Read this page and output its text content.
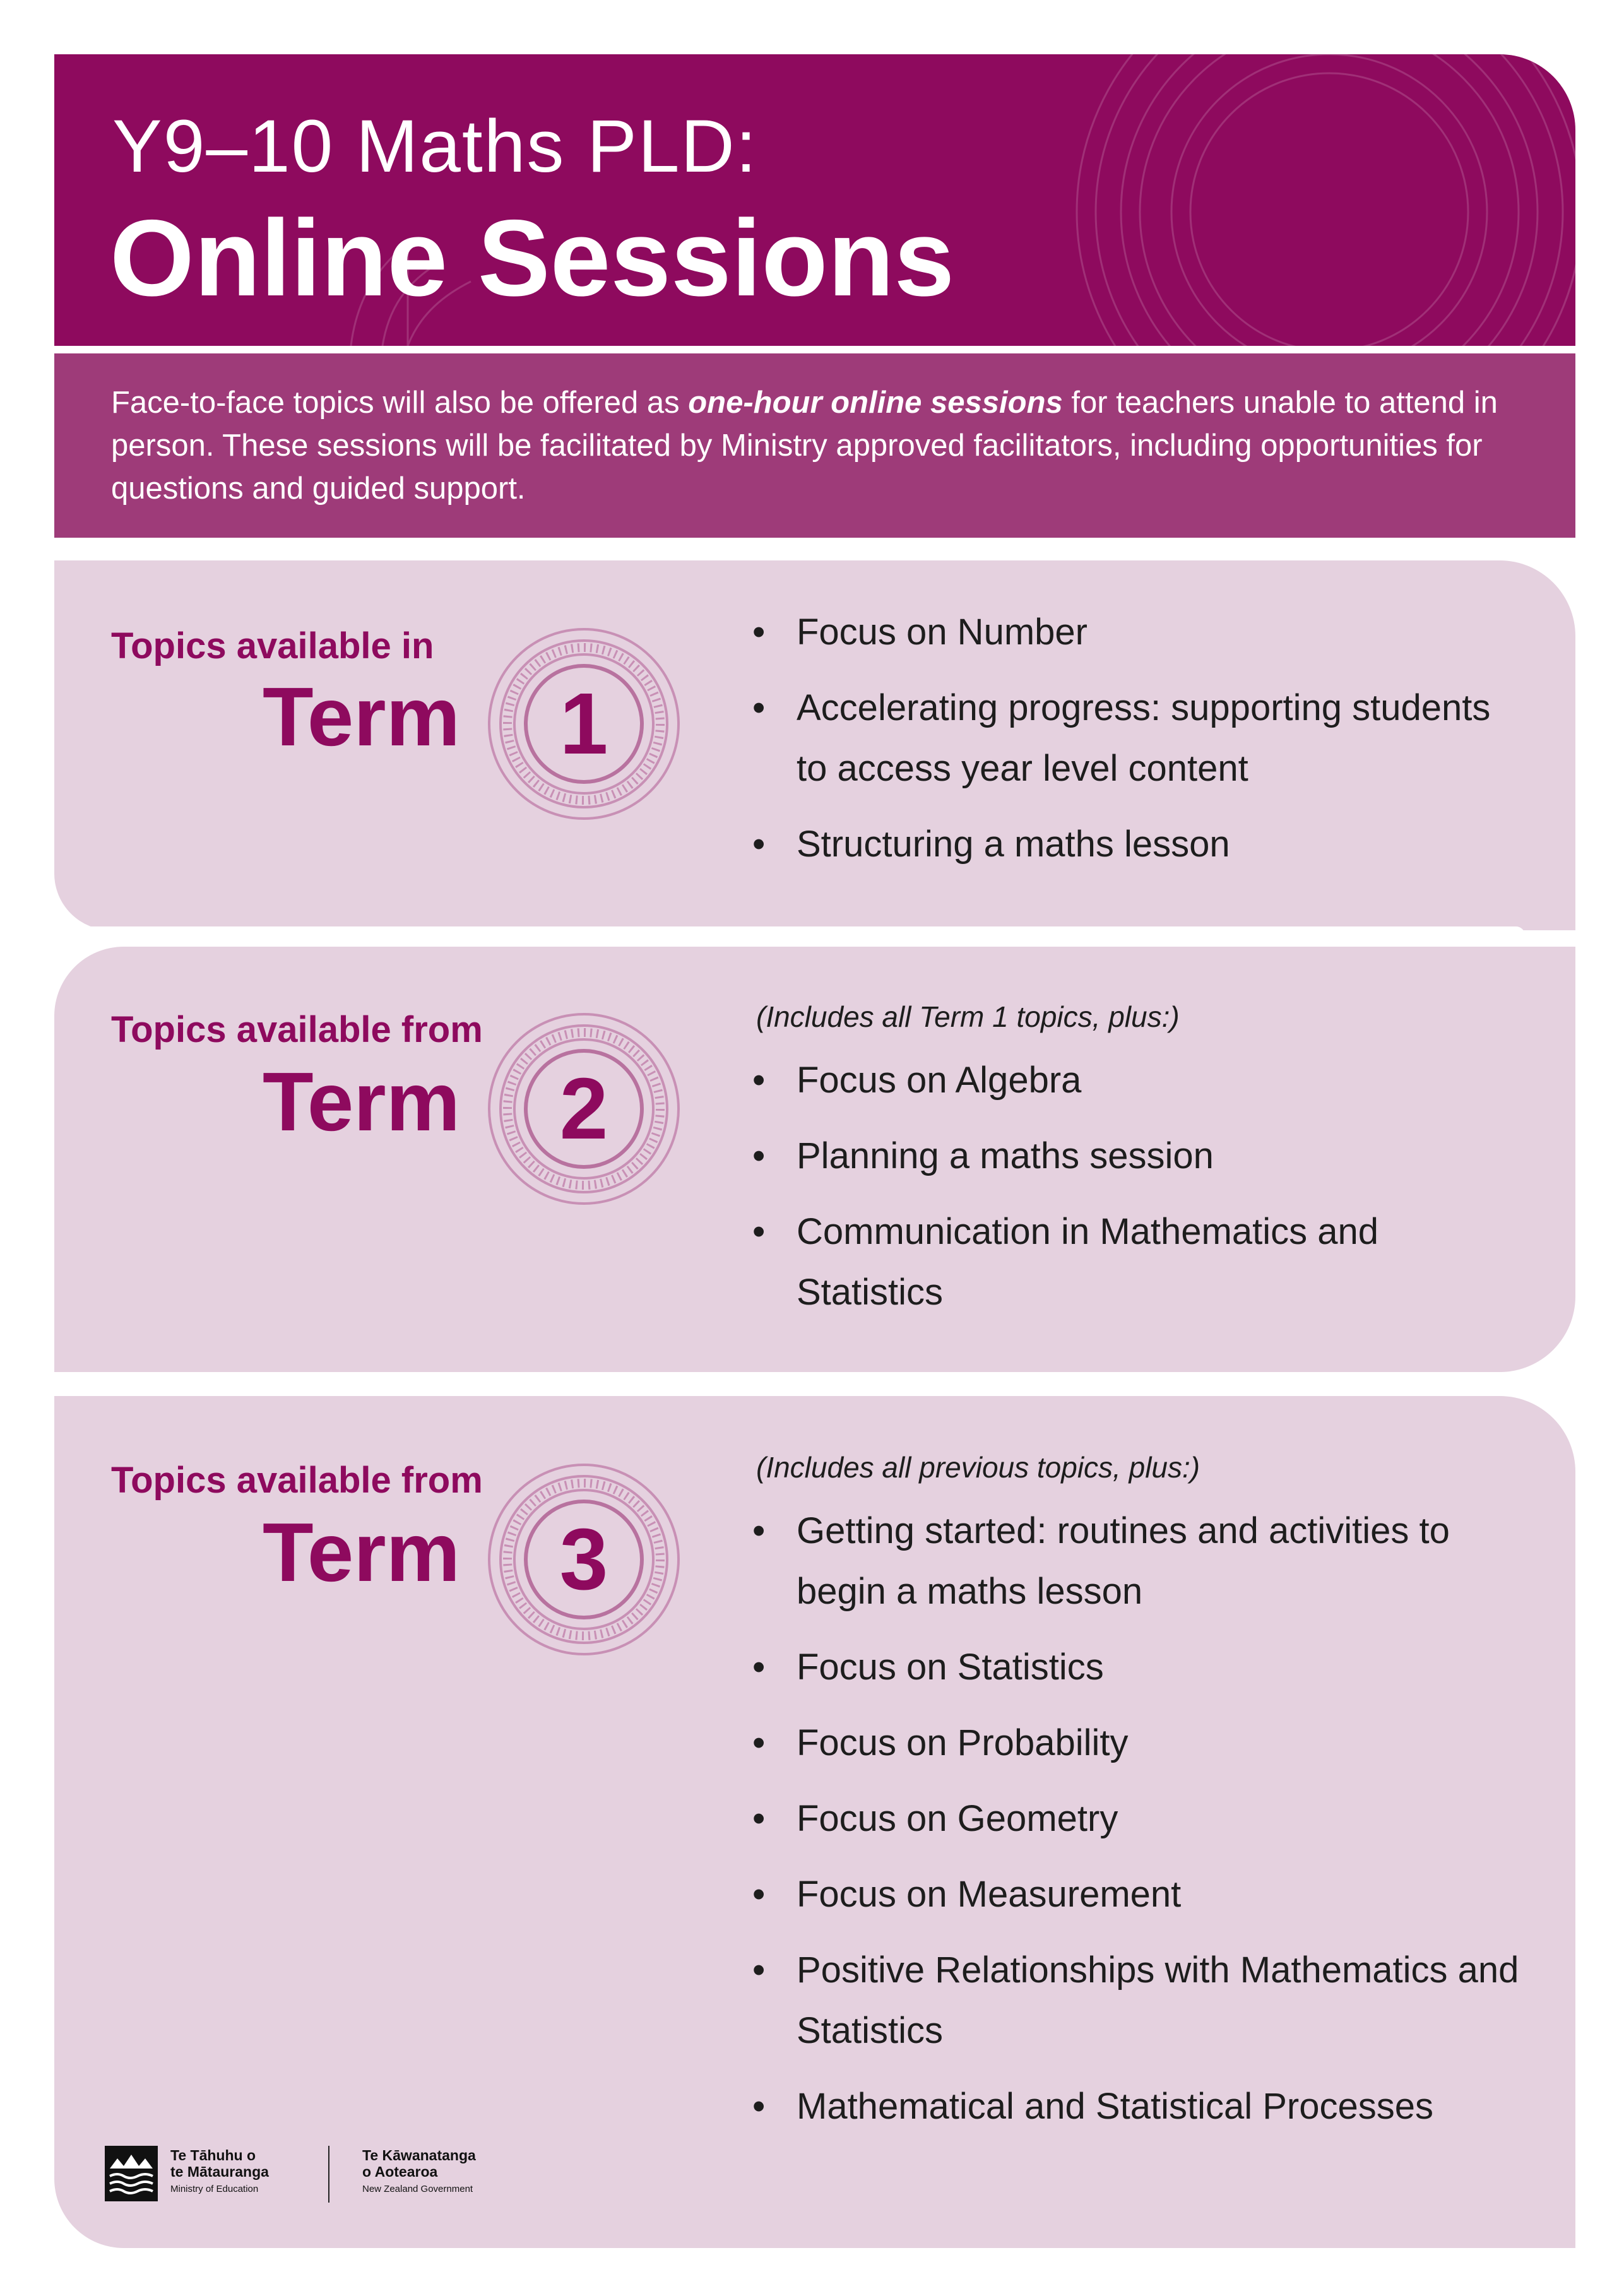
Y9–10 Maths PLD:
Online Sessions

Face-to-face topics will also be offered as one-hour online sessions for teachers unable to attend in person. These sessions will be facilitated by Ministry approved facilitators, including opportunities for questions and guided support.

Topics available in
Term	1
• Focus on Number
• Accelerating progress: supporting students to access year level content
• Structuring a maths lesson
Topics available from
Term	2
(Includes all Term 1 topics, plus:)
• Focus on Algebra
• Planning a maths session
• Communication in Mathematics and Statistics
Topics available from
Term	3
(Includes all previous topics, plus:)
• Getting started: routines and activities to begin a maths lesson
• Focus on Statistics
• Focus on Probability
• Focus on Geometry
• Focus on Measurement
• Positive Relationships with Mathematics and Statistics
• Mathematical and Statistical Processes
Te Tāhuhu o
te Mātauranga
Ministry of Education
Te Kāwanatanga
o Aotearoa
New Zealand Government
